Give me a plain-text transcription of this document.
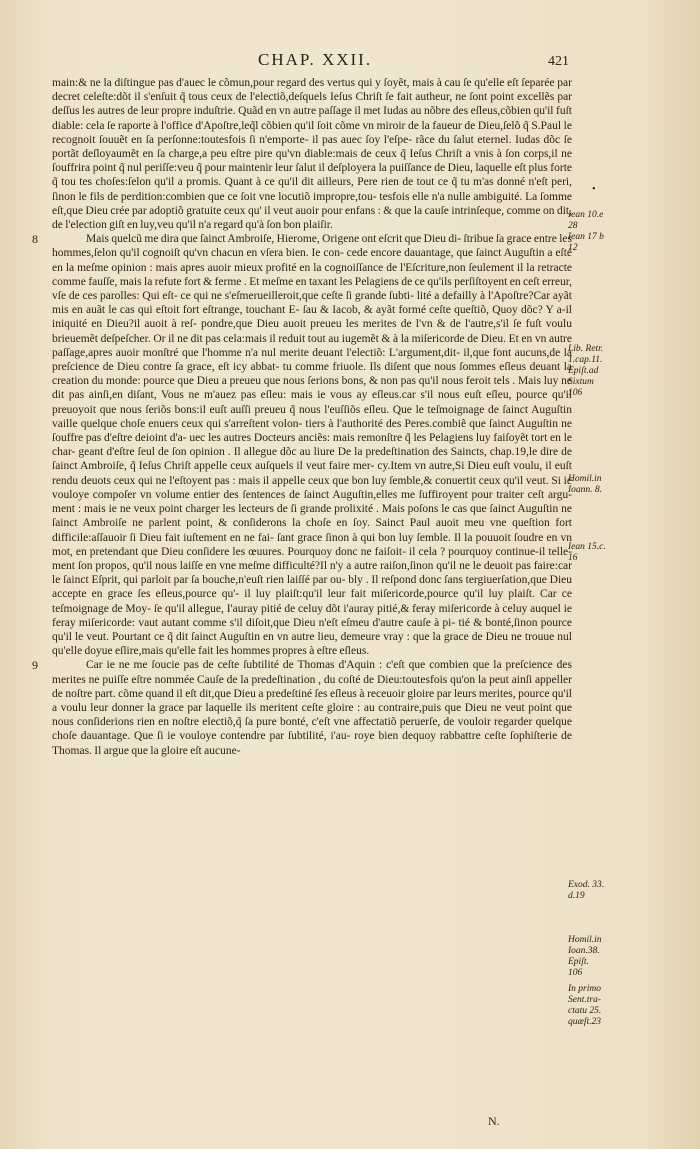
CHAP. XXII.	421

main:& ne la diſtingue pas d'auec le cõmun,pour regard des vertus qui y ſoyẽt, mais à cau ſe qu'elle eſt ſeparée par decret celeſte:dõt il s'enſuit q̃ tous ceux de l'electiõ,deſquels Ieſus Chriſt ſe fait autheur, ne ſont point excellẽs par deſſus les autres de leur propre induſtrie. Quãd en vn autre paſſage il met Iudas au nõbre des eſleus,cõbien qu'il fuſt diable: cela ſe raporte à l'office d'Apoſtre,leq̃l cõbien qu'il ſoit cõme vn miroir de la faueur de Dieu,ſelõ q̃ S.Paul le recognoit ſouuẽt en ſa perſonne:toutesfois ſi n'emporte- il pas auec ſoy l'eſpe- rãce du ſalut eternel. Iudas dõc ſe portãt deſloyaumẽt en ſa charge,a peu eſtre pire qu'vn diable:mais de ceux q̃ Ieſus Chriſt a vnis à ſon corps,il ne ſouffrira point q̃ nul periſſe:veu q̃ pour maintenir leur ſalut il deſployera la puiſſance de Dieu, laquelle eſt plus forte q̃ tou tes choſes:ſelon qu'il a promis. Quant à ce qu'il dit ailleurs, Pere rien de tout ce q̃ tu m'as donné n'eſt peri, ſinon le fils de perdition:combien que ce ſoit vne locutiõ impropre,tou- tesfois elle n'a nulle ambiguité. La ſomme eſt,que Dieu crée par adoptiõ gratuite ceux qu' il veut auoir pour enfans : & que la cauſe intrinſeque, comme on dit, de l'election giſt en luy,veu qu'il n'a regard qu'à ſon bon plaiſir.

8	Mais quelcũ me dira que ſainct Ambroiſe, Hierome, Origene ont eſcrit que Dieu di- ſtribue ſa grace entre les hommes,ſelon qu'il cognoiſt qu'vn chacun en vſera bien. Ie con- cede encore dauantage, que ſainct Auguſtin a eſté en la meſme opinion : mais apres auoir mieux profité en la cognoiſſance de l'Eſcriture,non ſeulement il la retracte comme fauſſe, mais la refute fort & ferme . Et meſme en taxant les Pelagiens de ce qu'ils perſiſtoyent en ceſt erreur, vſe de ces parolles: Qui eſt- ce qui ne s'eſmerueilleroit,que ceſte ſi grande ſubti- lité a defailly à l'Apoſtre?Car ayãt mis en auãt le cas qui eſtoit fort eſtrange, touchant E- ſau & Iacob, & ayãt formé ceſte queſtiõ, Quoy dõc? Y a-il iniquité en Dieu?il auoit à reſ- pondre,que Dieu auoit preueu les merites de l'vn & de l'autre,s'il ſe fuſt voulu brieuemẽt deſpeſcher. Or il ne dit pas cela:mais il reduit tout au iugemẽt & à la miſericorde de Dieu. Et en vn autre paſſage,apres auoir monſtré que l'homme n'a nul merite deuant l'electiõ: L'argument,dit- il,que font aucuns,de la preſcience de Dieu contre ſa grace, eſt icy abbat- tu comme friuole. Ils diſent que nous ſommes eſleus deuant la creation du monde: pource que Dieu a preueu que nous ſerions bons, & non pas qu'il nous feroit tels . Mais luy ne dit pas ainſi,en diſant, Vous ne m'auez pas eſleu: mais ie vous ay eſleus.car s'il nous euſt eſleu, pource qu'il preuoyoit que nous ſeriõs bons:il euſt auſſi preueu q̃ nous l'euſſiõs eſleu. Que le teſmoignage de ſainct Auguſtin vaille quelque choſe enuers ceux qui s'arreſtent volon- tiers à l'authorité des Peres.combiẽ que ſainct Auguſtin ne ſouffre pas d'eſtre deioint d'a- uec les autres Docteurs anciẽs: mais remonſtre q̃ les Pelagiens luy faiſoyẽt tort en le char- geant d'eſtre ſeul de ſon opinion . Il allegue dõc au liure De la predeſtination des Saincts, chap.19,le dire de ſainct Ambroiſe, q̃ Ieſus Chriſt appelle ceux auſquels il veut faire mer- cy.Item vn autre,Si Dieu euſt voulu, il euſt rendu deuots ceux qui ne l'eſtoyent pas : mais il appelle ceux que bon luy ſemble,& conuertit ceux qu'il veut. Si ie vouloye compoſer vn volume entier des ſentences de ſainct Auguſtin,elles me ſuffiroyent pour traiter ceſt argu- ment : mais ie ne veux point charger les lecteurs de ſi grande prolixité . Mais poſons le cas que ſainct Auguſtin ne ſainct Ambroiſe ne parlent point, & conſiderons la choſe en ſoy. Sainct Paul auoit meu vne queſtion fort difficile:aſſauoir ſi Dieu fait iuſtement en ne fai- ſant grace ſinon à qui bon luy ſemble. Il la pouuoit ſoudre en vn mot, en pretendant que Dieu conſidere les œuures. Pourquoy donc ne faiſoit- il cela ? pourquoy continue-il telle- ment ſon propos, qu'il nous laiſſe en vne meſme difficulté?Il n'y a autre raiſon,ſinon qu'il ne le deuoit pas faire:car le ſainct Eſprit, qui parloit par ſa bouche,n'euſt rien laiſſé par ou- bly . Il reſpond donc ſans tergiuerſation,que Dieu accepte en grace ſes eſleus,pource qu'- il luy plaiſt:qu'il leur fait miſericorde,pource qu'il luy plaiſt. Car ce teſmoignage de Moy- ſe qu'il allegue, I'auray pitié de celuy dõt i'auray pitié,& feray miſericorde à celuy auquel ie feray miſericorde: vaut autant comme s'il diſoit,que Dieu n'eſt eſmeu d'autre cauſe à pi- tié & bonté,ſinon pource qu'il le veut. Pourtant ce q̃ dit ſainct Auguſtin en vn autre lieu, demeure vray : que la grace de Dieu ne trouue nul qu'elle doyue eſlire,mais qu'elle fait les hommes propres à eſtre eſleus.

9	Car ie ne me ſoucie pas de ceſte ſubtilité de Thomas d'Aquin : c'eſt que combien que la preſcience des merites ne puiſſe eſtre nommée Cauſe de la predeſtination , du coſté de Dieu:toutesfois qu'on la peut ainſi appeller de noſtre part. cõme quand il eſt dit,que Dieu a predeſtiné ſes eſleus à receuoir gloire par leurs merites, pource qu'il a voulu leur donner la grace par laquelle ils meritent ceſte gloire : au contraire,puis que Dieu ne veut point que nous conſiderions rien en noſtre electiõ,q̃ ſa pure bonté, c'eſt vne affectatiõ peruerſe, de vouloir regarder quelque choſe dauantage. Que ſi ie vouloye contendre par ſubtilité, i'au- roye bien dequoy rabbattre ceſte ſophiſterie de Thomas. Il argue que la gloire eſt aucune-

Iean 10.e
28
Iean 17 b
12
Lib. Retr.
1.cap.11.
Epiſt.ad
Sixtum
106
Homil.in
Ioann. 8.
Iean 15.c.
16
Exod. 33.
d.19
Homil.in
Ioan.38.
Epiſt.
106
In primo
Sent.tra-
ctatu 25.
quæſt.23
•
N.
